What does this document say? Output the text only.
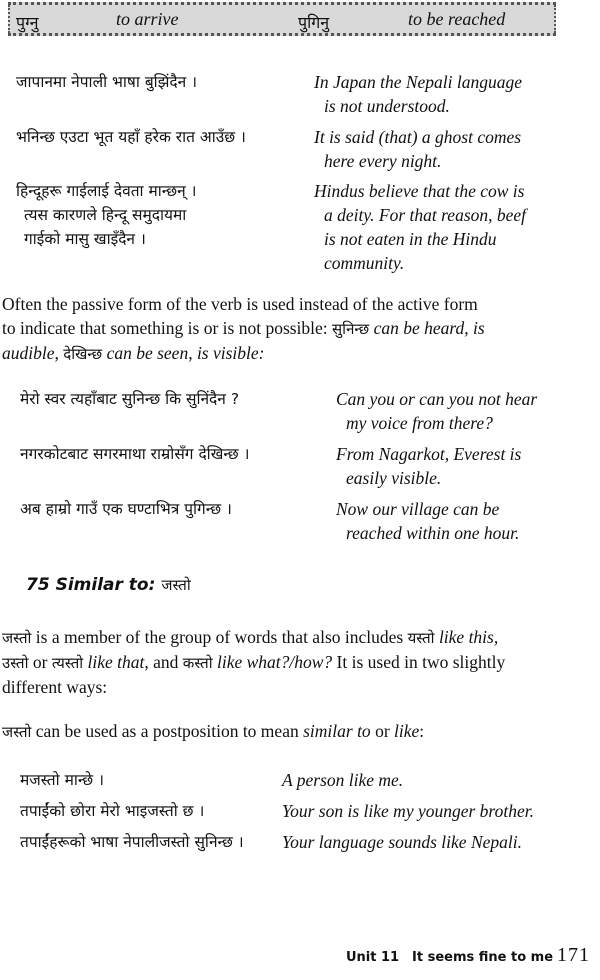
पुग्नु	to arrive	पुगिनु	to be reached
जापानमा नेपाली भाषा बुझिंदैन ।	In Japan the Nepali language
is not understood.
भनिन्छ एउटा भूत यहाँ हरेक रात आउँछ ।	It is said (that) a ghost comes
here every night.
हिन्दूहरू गाईलाई देवता मान्छन् ।
त्यस कारणले हिन्दू समुदायमा
गाईको मासु खाइँदैन ।
Hindus believe that the cow is
a deity. For that reason, beef
is not eaten in the Hindu
community.
Often the passive form of the verb is used instead of the active form
to indicate that something is or is not possible: सुनिन्छ can be heard, is
audible, देखिन्छ can be seen, is visible:
मेरो स्वर त्यहाँबाट सुनिन्छ कि सुनिंदैन ?	Can you or can you not hear
my voice from there?
नगरकोटबाट सगरमाथा राम्रोसँग देखिन्छ ।	From Nagarkot, Everest is
easily visible.
अब हाम्रो गाउँ एक घण्टाभित्र पुगिन्छ ।	Now our village can be
reached within one hour.
75 Similar to: जस्तो
जस्तो is a member of the group of words that also includes यस्तो like this,
उस्तो or त्यस्तो like that, and कस्तो like what?/how? It is used in two slightly
different ways:
जस्तो can be used as a postposition to mean similar to or like:
मजस्तो मान्छे ।	A person like me.
तपाईंको छोरा मेरो भाइजस्तो छ ।	Your son is like my younger brother.
तपाईंहरूको भाषा नेपालीजस्तो सुनिन्छ । Your language sounds like Nepali.
Unit 11 It seems fine to me 171
